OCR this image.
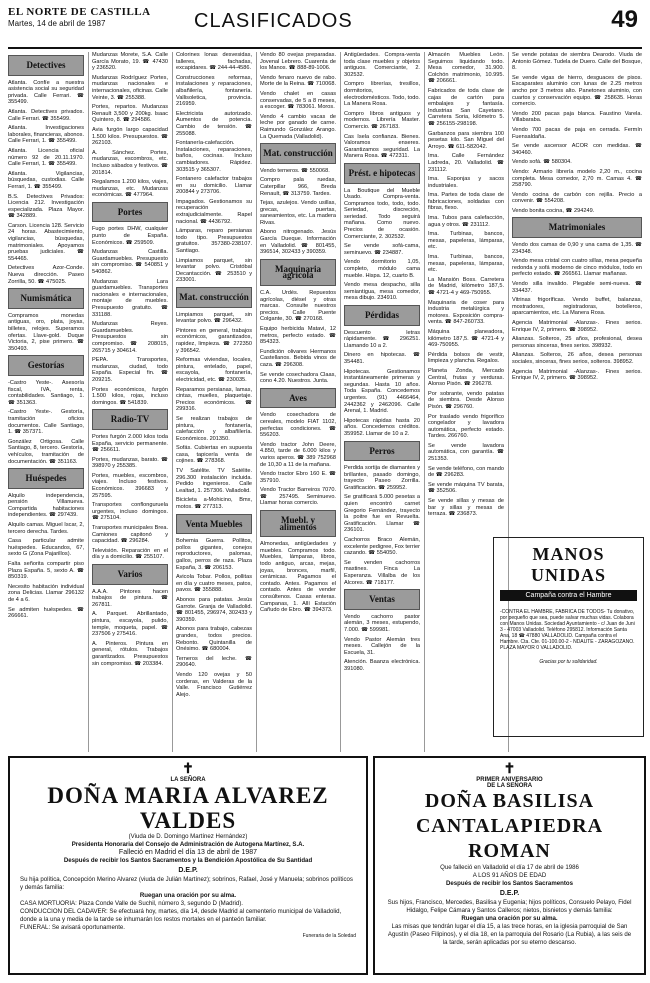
EL NORTE DE CASTILLA
Martes, 14 de abril de 1987	CLASIFICADOS	49
Detectives

Atlanta. Confíe a nuestra asistencia social su seguridad privada. Calle Ferrari. ☎ 355499.

Atlanta. Detectives privados. Calle Ferrari. ☎ 355499.

Atlanta. Investigaciones laborales, financieras, abonos. Calle Ferrari, 1. ☎ 355499.

Atlanta. Licencia oficial número 92 de 20.11.1970. Calle Ferrari, 1. ☎ 355499.

Atlanta. Vigilancias, búsquedas, custodias. Calle Ferrari, 1. ☎ 355499.

B.S. Detectives Privados: Licencia 212. Investigación especializada. Plaza Mayor. ☎ 342889.

Carson. Licencia 128. Servicio 24 horas. Abastecimiento, vigilancias, búsquedas, matrimoniales. Apoyamos pruebas judiciales. ☎ 554465.

Detectives Azor-Conde. Nueva dirección. Paseo Zorrilla, 50. ☎ 475025.

Numismática

Compramos monedas antiguas, oro, plata, joyas, billetes, relojes. Superamos ofertas. Llave-gold. Duque Victoria, 2, pise primero. ☎ 350493.

Gestorías

-Castro Yeste-. Asesoría fiscal, IVA, renta, contabilidades. Santiago, 1. ☎ 351363.

-Castro Yeste-. Gestoría, tramitación oficios documentos. Calle Santiago, 1. ☎ 357371.

González Ortigosa. Calle Santiago, 8, tercero. Gestoría, vehículos, tramitación de documentación. ☎ 351163.

Huéspedes

Alquilo independencia, pensión Villanueva. Compartida habitaciones independientes. ☎ 297439.

Alquilo camas. Miguel Iscar, 2, tercero derecha. Tardes.

Casa particular admite huéspedes. Educandos, 67, sexto G (Zona Pajarillos).

Falta señorita compartir piso Plaza España. 5, sexto A. ☎ 850319.

Necesito habitación individual zona Delicias. Llamar 296132 de 4 a 6.

Se admiten huéspedes. ☎ 266661.

Mudanzas Morete, S.A. Calle García Morato, 19. ☎ 47430 y 236520.

Mudanzas Rodríguez Portes, mudanzas nacionales e internacionales, oficinas. Calle Veinte, 3. ☎ 255388.

Portes, repartos. Mudanzas Renault 3,500 y 200kg. Isaac Quintero, 8. ☎ 294586.

Avia furgón largo capacidad 1.500 kilos. Presupuestos. ☎ 262103.

A. Sánchez. Portes, mudanzas, escombros, etc. Incluso sábados y festivos. ☎ 201814.

Regalamos 1.200 kilos, viajes, mudanzas, etc. Mudanzas económicas. ☎ 477964.

Portes

Fugo portes DHW, cualquier punto de España. Económicos. ☎ 259509.

Mudanzas Castilla. Guardamuebles. Presupuesto sin compromiso. ☎ 540851 y 540862.

Mudanzas Lara guardamuebles. Transportes nacionales e internacionales, montaje de muebles. Presupuesto gratuito. ☎ 331188.

Mudanzas Reyes. Guardamuebles. Presupuestos sin compromiso. ☎ 208015, 265715 y 304614.

PEPA. Transportes, mudanzas, ciudad, todo España. Especial fin. ☎ 209215.

Portes económicos, furgón 1.500 kilos, rojas, incluso domingos. ☎ 541839.

Radio-TV

Portes furgón 2.000 kilos toda España, servicio permanente. ☎ 256611.

Portes, mudanzas, barato. ☎ 398970 y 255385.

Portes, muebles, escombros, viajes. Incluso festivos. Económicos. 396683 y 257595.

Transportes conflonguruela urgentes, incluso domingos. ☎ 275104.

Transportes municipales Brea. Camiones capitonó y capacidad. ☎ 296284.

Televisión. Reparación en el día y a domicilio. ☎ 255107.

Varios

A.A.A. Pintores hacen trabajos de pintura. ☎ 267811.

A. Parquet. Abrillantado, pintura, escayola, pulido, temple, moqueta, papel. ☎ 237506 y 275416.

A. Pinteros. Pintura en general, rótulos. Trabajos garantizados. Presupuestos sin compromiso. ☎ 203384.

Colorines lonas desvesidas, talleres, fachadas, excapidares. ☎ 244-44-4586.

Construcciones reformas, instalaciones y reparaciones, albañilería, fontanería. Vallisoletica, provincia. 216959.

Electricista autorizado. Aumentos de potencia. Cambio de tensión. ☎ 255088.

Fontanería-calefacción. Instalaciones, reparaciones, baños, cocinas. Incluso cambiadores. Rápidez. 303515 y 365307.

Fontanero calefactor trabajos en su domicilio. Llamar 200844 y 273706.

Impagados. Gestionamos su recuperación extrajudicialmente. Rapel nacional. ☎ 4436792.

Lámparas, reparo persianas todo tipo. Presupuestos gratuitos. 357380-238107. Santiago.

Limpiamos parquet, sin levantar polvo. Cristóbal Decantacción. ☎ 253510 y 233001.

Mat. construcción

Limpiamos parquet, sin levantar polvo. ☎ 296432.

Pintores en general, trabajos económicos, garantizados, rapidez, limpieza. ☎ 272350 y 396542.

Reformas viviendas, locales, pintura, entelado, papel, escayola, fontanería, electricidad, etc. ☎ 230035.

Reparamos persianas, lamas, cintas, muelles, plaquetaje. Precios económicos. ☎ 299316.

Se realizan trabajos de pintura, fontanería, calefacción y albañilería. Económicos. 201350.

Sofás. Cubiertas en supuesta casa, tapicería venta de cojines. ☎ 278368.

TV Satélite. TV Satélite. 296.300 instalación incluida. Pedido ingenieros. Calle Lealtad, 1. 257306. Valladolid.

Bicicleta a-Mohicino, Bmx, motos. ☎ 277313.

Venta Muebles

Bohemia Guerra. Pollitos, pollos gigantes, conejos reproductores, palomas, gallos, perros de raza. Plaza España, 3. ☎ 206153.

Avicola Tobar. Pollos, pollitas en día y cuatro meses, patos, pavos. ☎ 355888.

Abonos para patatas. Jesús Garrote. Granja de Valladolid. ☎ 801455, 296974, 302433 y 390359.

Abonos para trabajo, cabezas grandes, todos precios. Rebonto. Quintanilla de Onésimo. ☎ 680004.

Terneros del leche. ☎ 290640.

Vendo 120 ovejas y 50 corderas, en Valderas de la Valle. Francisco Gutiérrez Alejo.

Vendo 80 ovejas preparadas. Jovenal Lebrero. Cuarenta de los Manos. ☎ 888-89-1006.

Vendo fenaro nuevo de rabo. Morte de la Reina. ☎ 710068.

Vendo chalet en casas conservadas, de 5 a 8 meses, a escoger. ☎ 783061. Moros.

Vendo 4 cambio vacas de leche por ganado de carne. Raimundo González Arango. La Quemada (Valladolid).

Mat. construcción

Vendo terneros. ☎ 550068.

Compro pala ruedas, Caterpillar 966, Breda Renault, ☎ 313759. Tardes.

Tejas, azulejos. Vendo usillas, grecas, puertas, saneamientos, etc. La madera Rivas.

Abono nitrogenado. Jesús García Dueque. Información en Valladolid. ☎ 801455, 396514, 302433 y 390359.

Maquinaria agrícola

C.A. Urdés. Repuestos agrícolas, diésel y otras marcas. Consulte nuestros precios. Calle Puente Colgante, 30. ☎ 270168.

Equipo herbicida Matavi, 12 metros, perfecto estado. ☎ 854323.

Fundición olivares Hermanos Castellanos. Bebida vinos de caza. ☎ 296308.

Se vende cosechadora Claas, cono 4.20. Nuestros. Junta.

Aves

Vendo cosechadora de cereales, modelo FIAT 1102, perfectas condiciones. ☎ 556203.

Vendo tractor John Deere, 4.850, tarde de 6.000 kilos y varios aperos. ☎ 389 752968 de 10,30 a 11 de la mañana.

Vendo tractor Ebro 160 E. ☎ 357910.

Vendo Tractor Barreiros 7070. ☎ 257495. Seminuevo. Llamar horas comercio.

Muebl. y alimentos

Almonedas, antigüedades y muebles. Compramos todo. Muebles, lámparas, libros, todo antiguo, arcas, mejas, joyas, bronces, marfil, cerámicas. Pagamos el contado. Antes. Pagamos el contado. Antes de vender consúltenos. Casas enteras. Campanas, 1. Allí Estación Cañudo de Ebro. ☎ 394373.

Antigüedades. Compra-venta toda clase muebles y objetos antiguos. Comerciante, 2. 302532.

Compro librerías, tresillos, dormitorios, electrodomésticos. Todo, todo. La Manera Rosa.

Compro libros antiguos y modernos. Librería Master. Comercio. ☎ 267183.

Cas Isela confianza. Bienes. Valoramos enseres. Garantizamos seguridad. La Manera Rosa. ☎ 472311.

Prést. e hipotecas

La Boutique del Mueble Usado. Compra-venta. Compramos todo, todo, todo. Seriedad, discreción, seriedad. Todo seguirá mañana. Como nuevo. Precios de ocasión. Comerciante, 2. 302532.

Se vende sofá-cama, seminuevo. ☎ 234887.

Vendo dormitorio 1,05, completo, módulo cama mueble. Hispa. 12, cuarto B.

Vendo mesa despacho, silla semiantigua, mesa comedor, mesa dibujo. 234910.

Pérdidas

Descuento letras rápidamente. ☎ 296251. Llamando 10 a 2.

Dinero en hipotecas. ☎ 354481.

Hipotecas. Gestionamos instantáneamente primeras y segundas. Hasta 10 años. Toda España. Concedemos urgentes. (91) 4466464, 2442362 y 2462096. Calle Arenal, 1. Madrid.

Hipotecas rápidas hasta 20 años. Concedemos créditos. 359952. Llamar de 10 a 2.

Perros

Perdida sortija de diamantes y brillantes, pasado domingo, trayecto Paseo Zorrilla. Gratificación. ☎ 259952.

Se gratificará 5.000 pesetas a quien encontró carnet Gregorio Fernández, trayecto la poitre fue en Revuelta. Gratificación. Llamar ☎ 236101.

Cachorros Braco Alemán, excelente pedigree, Fox terrier cazando. ☎ 554050.

Se venden cachorros mastines. Finca La Esperanza. Villalba de los Alcores. ☎ 718177.

Ventas

Vendo cachorro pastor alemán, 3 meses, estupendo, 7.000. ☎ 599981.

Vendo Pastor Alemán tres meses. Callejón de la Escuela, 31.

Atención. Baanza electrónica. 391080.

Almacén Muebles León. Seguimos liquidando todo. Mesa comedor, 31.900. Colchón matrimonio, 10.995. ☎ 206661.

Fabricados de toda clase de cajas de cartón para embalajes y fantasía. Industrias San Cayetano. Carretera Soria, kilómetro 5. ☎ 256155-298198.

Garbanzos para siembra 100 pesetas kilo. San Miguel del Arroyo. ☎ 611-582042.

Ima. Calle Fernández Ladreda, 20. Valladolid. ☎ 231112.

Ima. Esponjas y sacos industriales.

Ima. Partes de toda clase de fabricaciones, soldadas con fibras, flexo.

Ima. Tubos para calefacción, agua y otros. ☎ 231112.

Ima. Turbinas, bancos, mesas, papeleras, lámparas, etc.

Ima. Turbinas, bancos, mesas, papeleras, lámparas, etc.

La Mansión Boss. Carretera de Madrid, kilómetro 187,5. ☎ 4721-4 y 469-750955.

Maquinaria de coser para industria metalúrgica y motores. Exposición compra-venta. ☎ 847-260733.

Máquina planeadora, kilómetro 187,5. ☎ 4721-4 y 469-750955.

Pérdida bolsos de vestir, limpieza y plancha. Regalos.

Planeta Zonda, Mercado Central, frutas y verduras. Alonso Pisón. ☎ 296278.

Por sobrante, vendo patatas de siembra. Desde Alonso Pisón. ☎ 296760.

Por traslado vendo frigorífico congelador y lavadora automática, perfecto estado. Tardes. 266760.

Se vende lavadora automática, con garantía. ☎ 251353.

Se vende teléfono, con mando de ☎ 296283.

Se vende máquina TV barata, ☎ 352506.

Se vende sillas y mesas de bar y sillas y mesas de terraza. ☎ 236873.

Se vende potatas de siembra Dearodo. Viuda de Antonio Gómez. Tudela de Duero. Calle del Bosque, 8.

Se vende vigas de hierro, desguaces de pisos. Escaparates aluminio con lunas de 2.25 metros ancho por 3 metros alto. Panetones aluminio, con cuartos y conservación equipo. ☎ 258635. Horas comercio.

Vendo 200 pacas paja blanca. Faustino Varela. Villabaraba.

Vendo 700 pacas de paja en cerrada. Fermín Fuensaldaña.

Se vende ascensor ACOR con medidas. ☎ 340460.

Vendo sofá. ☎ 580304.

Vendo: Armario librería modelo 2,20 m., cocina completa. Mesa comedor, 2,70 m. Camas 4. ☎ 258790.

Vendo cocina de carbón con rejilla. Precio a convenir. ☎ 554208.

Vendo bonita cocina, ☎ 294249.

Matrimoniales

Vendo dos camas de 0,90 y una cama de 1,35. ☎ 234348.

Vendo mesa cristal con cuatro sillas, mesa pequeña redonda y sofá moderno de cinco módulos, todo en perfecto estado. ☎ 266561. Llamar mañanas.

Vendo silla invalido. Plegable semi-nueva. ☎ 334437.

Vitrinas frigoríficas. Vendo buffet, balanzas, mostradores, registradoras, botelleros, aparcamientos, etc. La Manera Rosa.

Agencia Matrimonial -Alanzas-. Fines serios. Enrique IV, 2, primero. ☎ 398952.

Alianzas. Solteros, 25 años, profesional, desea personas sinceras, fines serios. 398932.

Alianzas. Solteros, 26 años, desea personas sociales, sinceras, fines serios, solteros. 398952.

Agencia Matrimonial -Alanzas-. Fines serios. Enrique IV, 2, primero. ☎ 398952.

MANOS UNIDAS
Campaña contra el Hambre
-CONTRA EL HAMBRE, FABRICA DE TODOS- Tu donativo, por pequeño que sea, puede salvar muchas vidas. Colabora con Manos Unidas. Sociedad Ayuntamiento - c/ Juan de Juni 3 - 47003 Valladolid. Teléfono 295812. Información Santa Ana, 18 ☎ 47880 VALLADOLID. Campaña contra el Hambre. Cta. Cte. 01-100.00-2 - NDAUTE - ZARAGOZANO. PLAZA MAYOR 0 VALLADOLID.
Gracias por tu solidaridad.
✝
LA SEÑORA
DOÑA MARIA ALVAREZ VALDES
(Viuda de D. Domingo Martínez Hernández)
Presidenta Honoraria del Consejo de Administración de Autogena Martínez, S.A.
Falleció en Madrid el día 13 de abril de 1987
Después de recibir los Santos Sacramentos y la Bendición Apostólica de Su Santidad
D.E.P.
Su hija política, Concepción Merino Alvarez (viuda de Julián Martínez); sobrinos, Rafael, José y Manuela; sobrinos políticos y demás familia:
Ruegan una oración por su alma.
CASA MORTUORIA: Plaza Conde Valle de Suchil, número 3, segundo D (Madrid).
CONDUCCION DEL CADAVER: Se efectuará hoy, martes, día 14, desde Madrid al cementerio municipal de Valladolid, donde a la una y media de la tarde se inhumarán los restos mortales en el panteón familiar.
FUNERAL: Se avisará oportunamente.
Funeraria de la Soledad
✝
PRIMER ANIVERSARIO
DE LA SEÑORA
DOÑA BASILISA
CANTALAPIEDRA ROMAN
Que falleció en Valladolid el día 17 de abril de 1986
A LOS 91 AÑOS DE EDAD
Después de recibir los Santos Sacramentos
D.E.P.
Sus hijos, Francisco, Mercedes, Basilisa y Eugenia; hijos políticos, Consuelo Pelayo, Fidel Hidalgo, Felipe Cámara y Santos Calleros; nietos, bisnietos y demás familia:
Ruegan una oración por su alma.
Las misas que tendrán lugar el día 15, a las trece horas, en la iglesia parroquial de San Agustín (Paseo Filipinos), y el día 18, en la parroquia del Rosario (La Rubia), a las seis de la tarde, serán aplicadas por su eterno descanso.
